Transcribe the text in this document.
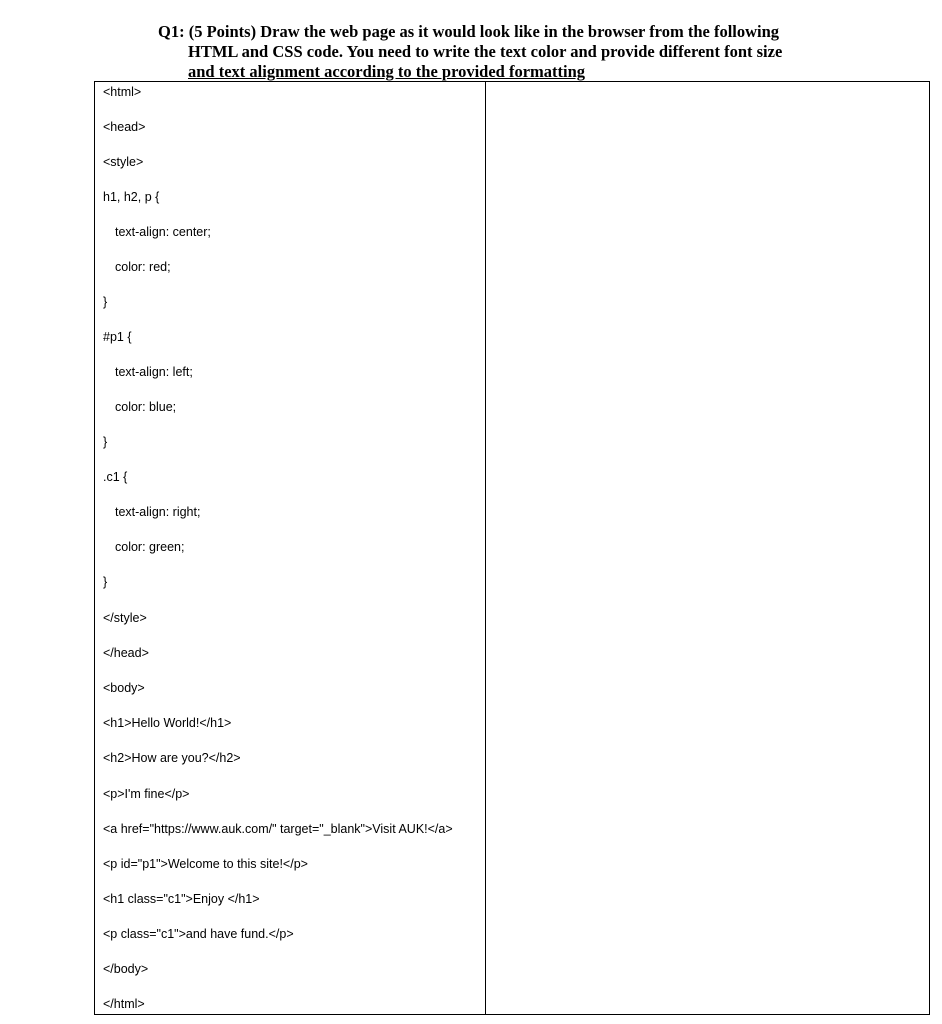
Q1: (5 Points) Draw the web page as it would look like in the browser from the following
HTML and CSS code. You need to write the text color and provide different font size
and text alignment according to the provided formatting
<html>
<head>
<style>
h1, h2, p {
text-align: center;
color: red;
}
#p1 {
text-align: left;
color: blue;
}
.c1 {
text-align: right;
color: green;
}
</style>
</head>
<body>
<h1>Hello World!</h1>
<h2>How are you?</h2>
<p>I'm fine</p>
<a href="https://www.auk.com/" target="_blank">Visit AUK!</a>
<p id="p1">Welcome to this site!</p>
<h1 class="c1">Enjoy </h1>
<p class="c1">and have fund.</p>
</body>
</html>
